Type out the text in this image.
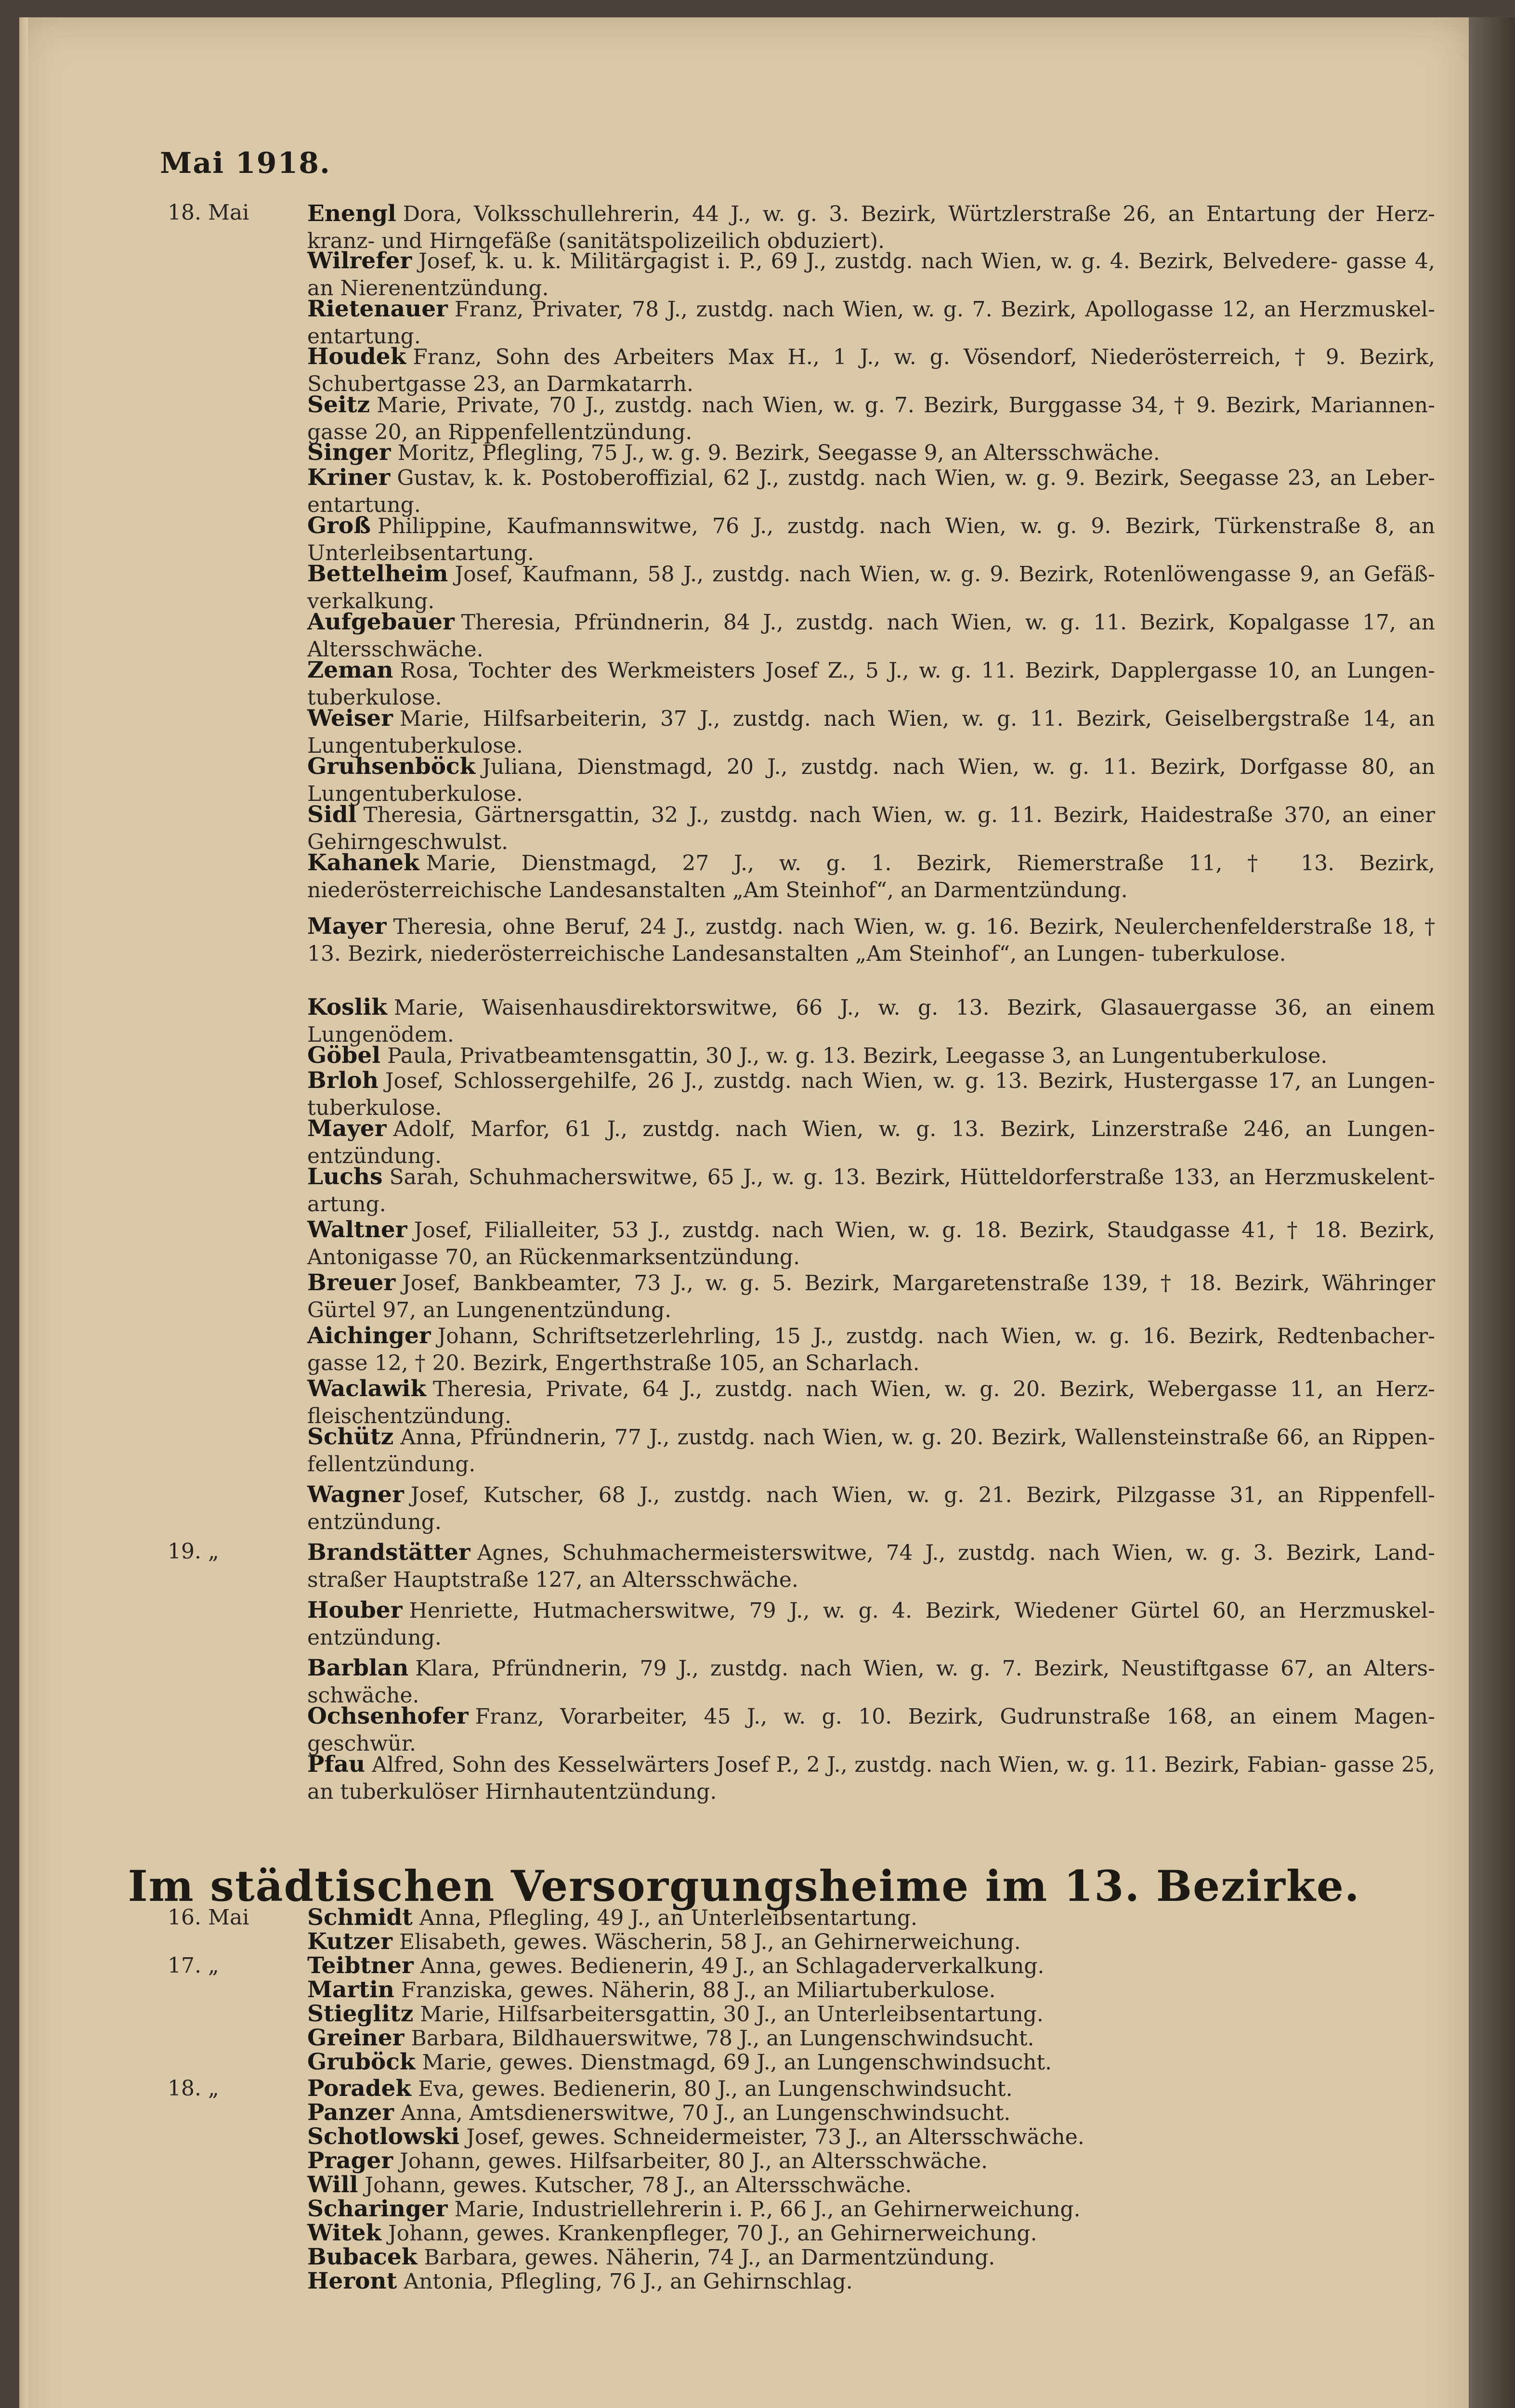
Mai 1918.
18. Mai	Enengl Dora, Volksschullehrerin, 44 J., w. g. 3. Bezirk, Würtzlerstraße 26, an Entartung der Herz- kranz- und Hirngefäße (sanitätspolizeilich obduziert).
Wilrefer Josef, k. u. k. Militärgagist i. P., 69 J., zustdg. nach Wien, w. g. 4. Bezirk, Belvedere- gasse 4, an Nierenentzündung.
Rietenauer Franz, Privater, 78 J., zustdg. nach Wien, w. g. 7. Bezirk, Apollogasse 12, an Herzmuskel- entartung.
Houdek Franz, Sohn des Arbeiters Max H., 1 J., w. g. Vösendorf, Niederösterreich, † 9. Bezirk, Schubertgasse 23, an Darmkatarrh.
Seitz Marie, Private, 70 J., zustdg. nach Wien, w. g. 7. Bezirk, Burggasse 34, † 9. Bezirk, Mariannen- gasse 20, an Rippenfellentzündung.
Singer Moritz, Pflegling, 75 J., w. g. 9. Bezirk, Seegasse 9, an Altersschwäche.
Kriner Gustav, k. k. Postoberoffizial, 62 J., zustdg. nach Wien, w. g. 9. Bezirk, Seegasse 23, an Leber- entartung.
Groß Philippine, Kaufmannswitwe, 76 J., zustdg. nach Wien, w. g. 9. Bezirk, Türkenstraße 8, an Unterleibsentartung.
Bettelheim Josef, Kaufmann, 58 J., zustdg. nach Wien, w. g. 9. Bezirk, Rotenlöwengasse 9, an Gefäß- verkalkung.
Aufgebauer Theresia, Pfründnerin, 84 J., zustdg. nach Wien, w. g. 11. Bezirk, Kopalgasse 17, an Altersschwäche.
Zeman Rosa, Tochter des Werkmeisters Josef Z., 5 J., w. g. 11. Bezirk, Dapplergasse 10, an Lungen- tuberkulose.
Weiser Marie, Hilfsarbeiterin, 37 J., zustdg. nach Wien, w. g. 11. Bezirk, Geiselbergstraße 14, an Lungentuberkulose.
Gruhsenböck Juliana, Dienstmagd, 20 J., zustdg. nach Wien, w. g. 11. Bezirk, Dorfgasse 80, an Lungentuberkulose.
Sidl Theresia, Gärtnersgattin, 32 J., zustdg. nach Wien, w. g. 11. Bezirk, Haidestraße 370, an einer Gehirngeschwulst.
Kahanek Marie, Dienstmagd, 27 J., w. g. 1. Bezirk, Riemerstraße 11, † 13. Bezirk, niederösterreichische Landesanstalten „Am Steinhof“, an Darmentzündung.
Mayer Theresia, ohne Beruf, 24 J., zustdg. nach Wien, w. g. 16. Bezirk, Neulerchenfelderstraße 18, † 13. Bezirk, niederösterreichische Landesanstalten „Am Steinhof“, an Lungen- tuberkulose.
Koslik Marie, Waisenhausdirektorswitwe, 66 J., w. g. 13. Bezirk, Glasauergasse 36, an einem Lungenödem.
Göbel Paula, Privatbeamtensgattin, 30 J., w. g. 13. Bezirk, Leegasse 3, an Lungentuberkulose.
Brloh Josef, Schlossergehilfe, 26 J., zustdg. nach Wien, w. g. 13. Bezirk, Hustergasse 17, an Lungen- tuberkulose.
Mayer Adolf, Marfor, 61 J., zustdg. nach Wien, w. g. 13. Bezirk, Linzerstraße 246, an Lungen- entzündung.
Luchs Sarah, Schuhmacherswitwe, 65 J., w. g. 13. Bezirk, Hütteldorferstraße 133, an Herzmuskelent- artung.
Waltner Josef, Filialleiter, 53 J., zustdg. nach Wien, w. g. 18. Bezirk, Staudgasse 41, † 18. Bezirk, Antonigasse 70, an Rückenmarksentzündung.
Breuer Josef, Bankbeamter, 73 J., w. g. 5. Bezirk, Margaretenstraße 139, † 18. Bezirk, Währinger Gürtel 97, an Lungenentzündung.
Aichinger Johann, Schriftsetzerlehrling, 15 J., zustdg. nach Wien, w. g. 16. Bezirk, Redtenbacher- gasse 12, † 20. Bezirk, Engerthstraße 105, an Scharlach.
Waclawik Theresia, Private, 64 J., zustdg. nach Wien, w. g. 20. Bezirk, Webergasse 11, an Herz- fleischentzündung.
Schütz Anna, Pfründnerin, 77 J., zustdg. nach Wien, w. g. 20. Bezirk, Wallensteinstraße 66, an Rippen- fellentzündung.
Wagner Josef, Kutscher, 68 J., zustdg. nach Wien, w. g. 21. Bezirk, Pilzgasse 31, an Rippenfell- entzündung.
19. „	Brandstätter Agnes, Schuhmachermeisterswitwe, 74 J., zustdg. nach Wien, w. g. 3. Bezirk, Land- straßer Hauptstraße 127, an Altersschwäche.
Houber Henriette, Hutmacherswitwe, 79 J., w. g. 4. Bezirk, Wiedener Gürtel 60, an Herzmuskel- entzündung.
Barblan Klara, Pfründnerin, 79 J., zustdg. nach Wien, w. g. 7. Bezirk, Neustiftgasse 67, an Alters- schwäche.
Ochsenhofer Franz, Vorarbeiter, 45 J., w. g. 10. Bezirk, Gudrunstraße 168, an einem Magen- geschwür.
Pfau Alfred, Sohn des Kesselwärters Josef P., 2 J., zustdg. nach Wien, w. g. 11. Bezirk, Fabian- gasse 25, an tuberkulöser Hirnhautentzündung.
Im städtischen Versorgungsheime im 13. Bezirke.
16. Mai	Schmidt Anna, Pflegling, 49 J., an Unterleibsentartung.
Kutzer Elisabeth, gewes. Wäscherin, 58 J., an Gehirnerweichung.
17. „	Teibtner Anna, gewes. Bedienerin, 49 J., an Schlagaderverkalkung.
Martin Franziska, gewes. Näherin, 88 J., an Miliartuberkulose.
Stieglitz Marie, Hilfsarbeitersgattin, 30 J., an Unterleibsentartung.
Greiner Barbara, Bildhauerswitwe, 78 J., an Lungenschwindsucht.
Gruböck Marie, gewes. Dienstmagd, 69 J., an Lungenschwindsucht.
18. „	Poradek Eva, gewes. Bedienerin, 80 J., an Lungenschwindsucht.
Panzer Anna, Amtsdienerswitwe, 70 J., an Lungenschwindsucht.
Schotlowski Josef, gewes. Schneidermeister, 73 J., an Altersschwäche.
Prager Johann, gewes. Hilfsarbeiter, 80 J., an Altersschwäche.
Will Johann, gewes. Kutscher, 78 J., an Altersschwäche.
Scharinger Marie, Industriellehrerin i. P., 66 J., an Gehirnerweichung.
Witek Johann, gewes. Krankenpfleger, 70 J., an Gehirnerweichung.
Bubacek Barbara, gewes. Näherin, 74 J., an Darmentzündung.
Heront Antonia, Pflegling, 76 J., an Gehirnschlag.
